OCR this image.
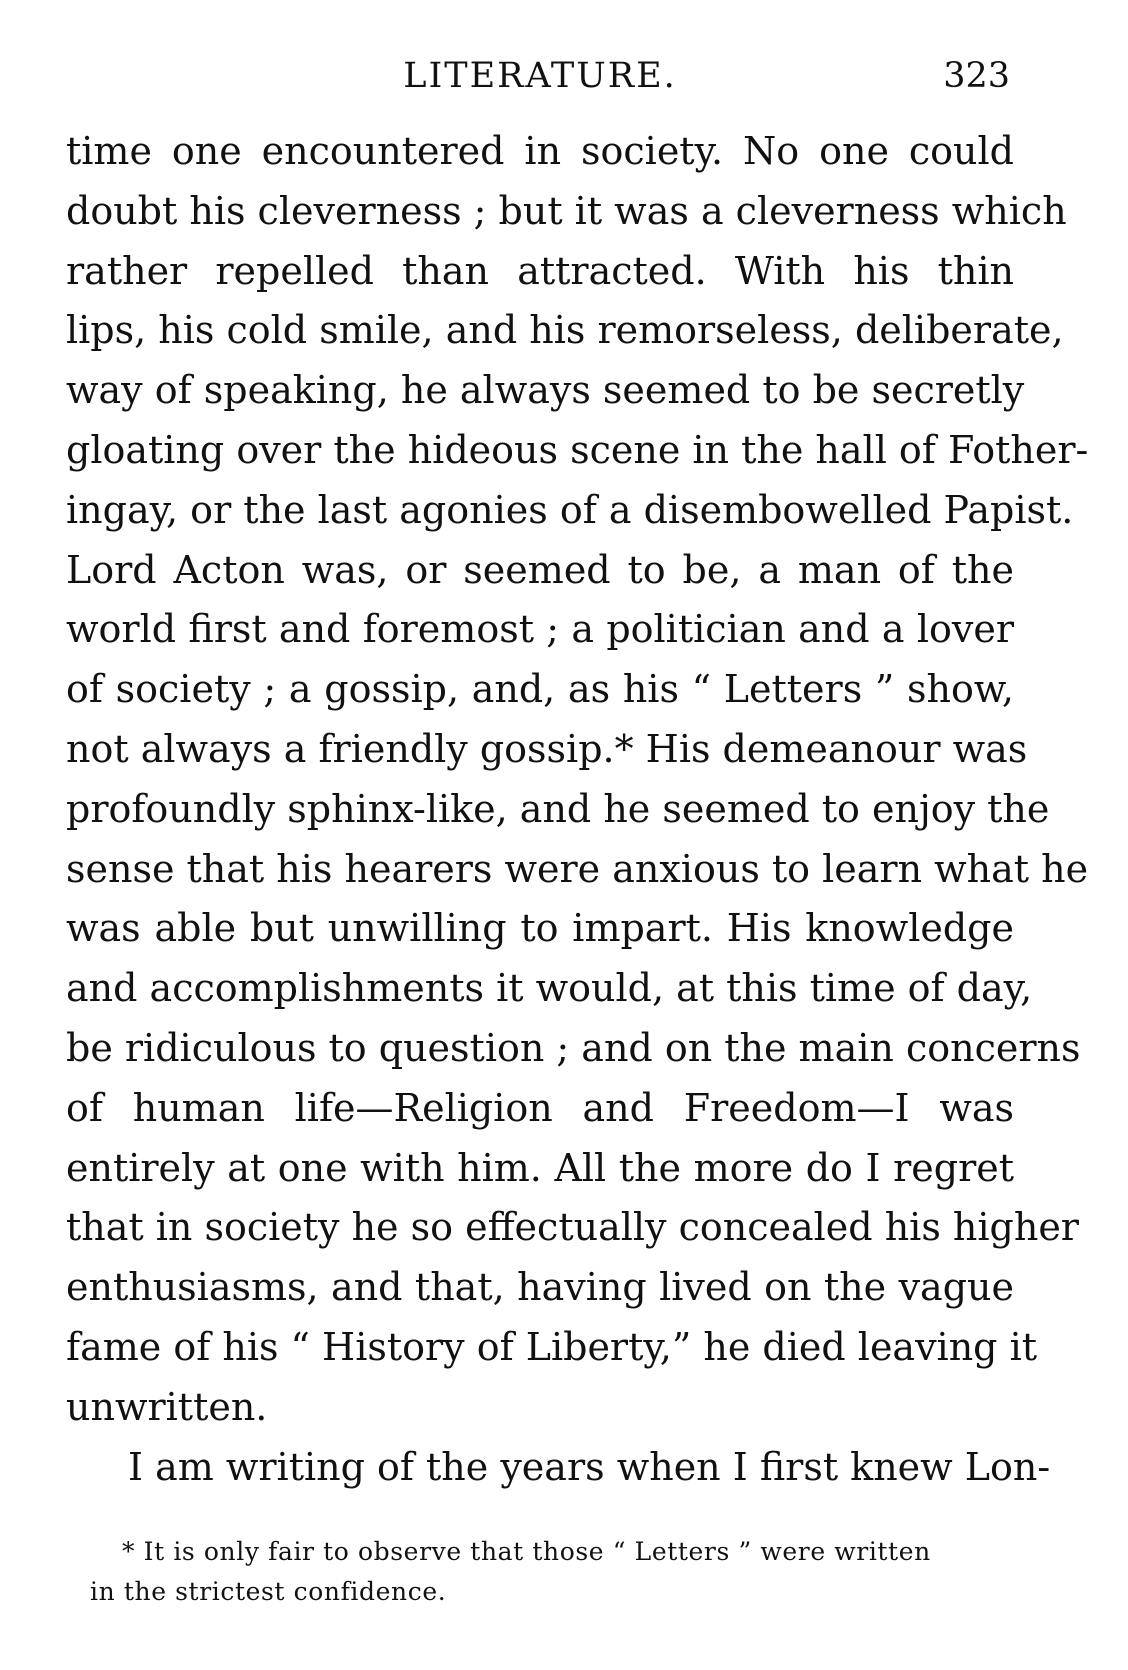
LITERATURE.	323
time one encountered in society. No one could
doubt his cleverness ; but it was a cleverness which
rather repelled than attracted. With his thin
lips, his cold smile, and his remorseless, deliberate,
way of speaking, he always seemed to be secretly
gloating over the hideous scene in the hall of Fother-
ingay, or the last agonies of a disembowelled Papist.
Lord Acton was, or seemed to be, a man of the
world first and foremost ; a politician and a lover
of society ; a gossip, and, as his “ Letters ” show,
not always a friendly gossip.* His demeanour was
profoundly sphinx-like, and he seemed to enjoy the
sense that his hearers were anxious to learn what he
was able but unwilling to impart. His knowledge
and accomplishments it would, at this time of day,
be ridiculous to question ; and on the main concerns
of human life—Religion and Freedom—I was
entirely at one with him. All the more do I regret
that in society he so effectually concealed his higher
enthusiasms, and that, having lived on the vague
fame of his “ History of Liberty,” he died leaving it
unwritten.
I am writing of the years when I first knew Lon-
* It is only fair to observe that those “ Letters ” were written
in the strictest confidence.
